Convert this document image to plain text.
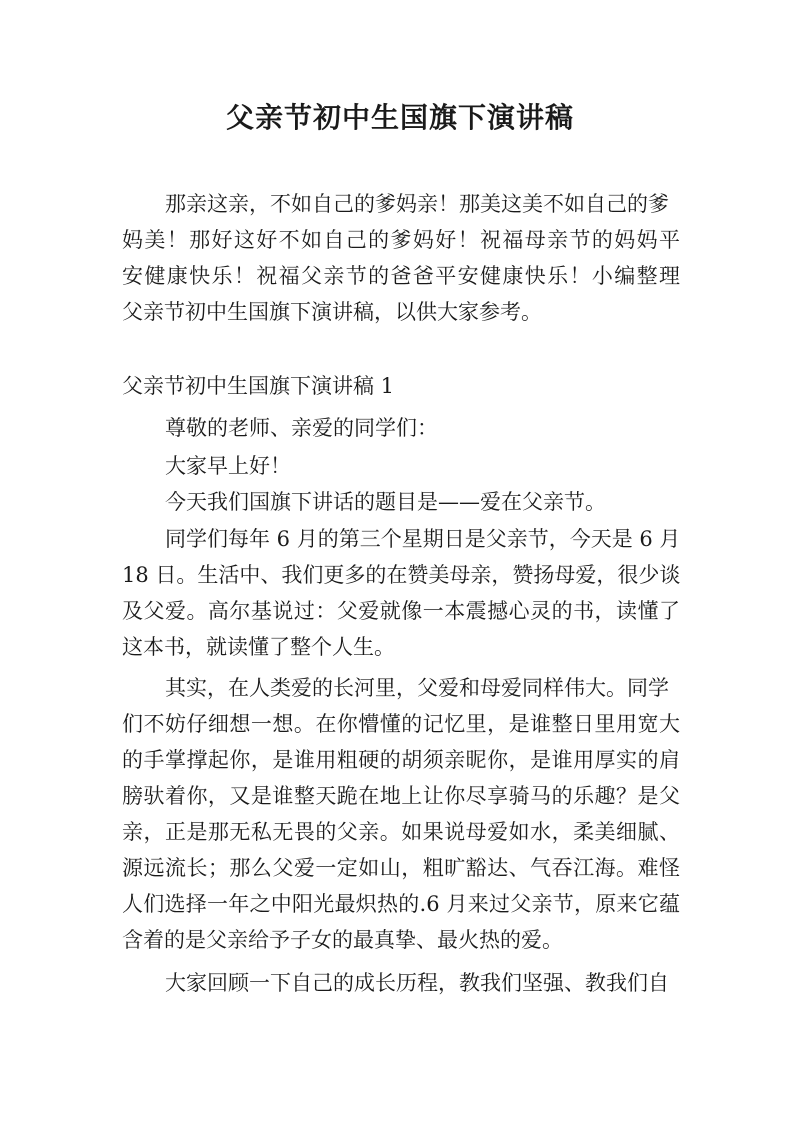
父亲节初中生国旗下演讲稿

那亲这亲，不如自己的爹妈亲！那美这美不如自己的爹

妈美！那好这好不如自己的爹妈好！祝福母亲节的妈妈平

安健康快乐！祝福父亲节的爸爸平安健康快乐！小编整理

父亲节初中生国旗下演讲稿，以供大家参考。

父亲节初中生国旗下演讲稿 1

尊敬的老师、亲爱的同学们：

大家早上好！

今天我们国旗下讲话的题目是——爱在父亲节。

同学们每年 6 月的第三个星期日是父亲节，今天是 6 月

18 日。生活中、我们更多的在赞美母亲，赞扬母爱，很少谈

及父爱。高尔基说过：父爱就像一本震撼心灵的书，读懂了

这本书，就读懂了整个人生。

其实，在人类爱的长河里，父爱和母爱同样伟大。同学

们不妨仔细想一想。在你懵懂的记忆里，是谁整日里用宽大

的手掌撑起你，是谁用粗硬的胡须亲昵你，是谁用厚实的肩

膀驮着你，又是谁整天跪在地上让你尽享骑马的乐趣？是父

亲，正是那无私无畏的父亲。如果说母爱如水，柔美细腻、

源远流长；那么父爱一定如山，粗旷豁达、气吞江海。难怪

人们选择一年之中阳光最炽热的.6 月来过父亲节，原来它蕴

含着的是父亲给予子女的最真挚、最火热的爱。

大家回顾一下自己的成长历程，教我们坚强、教我们自
